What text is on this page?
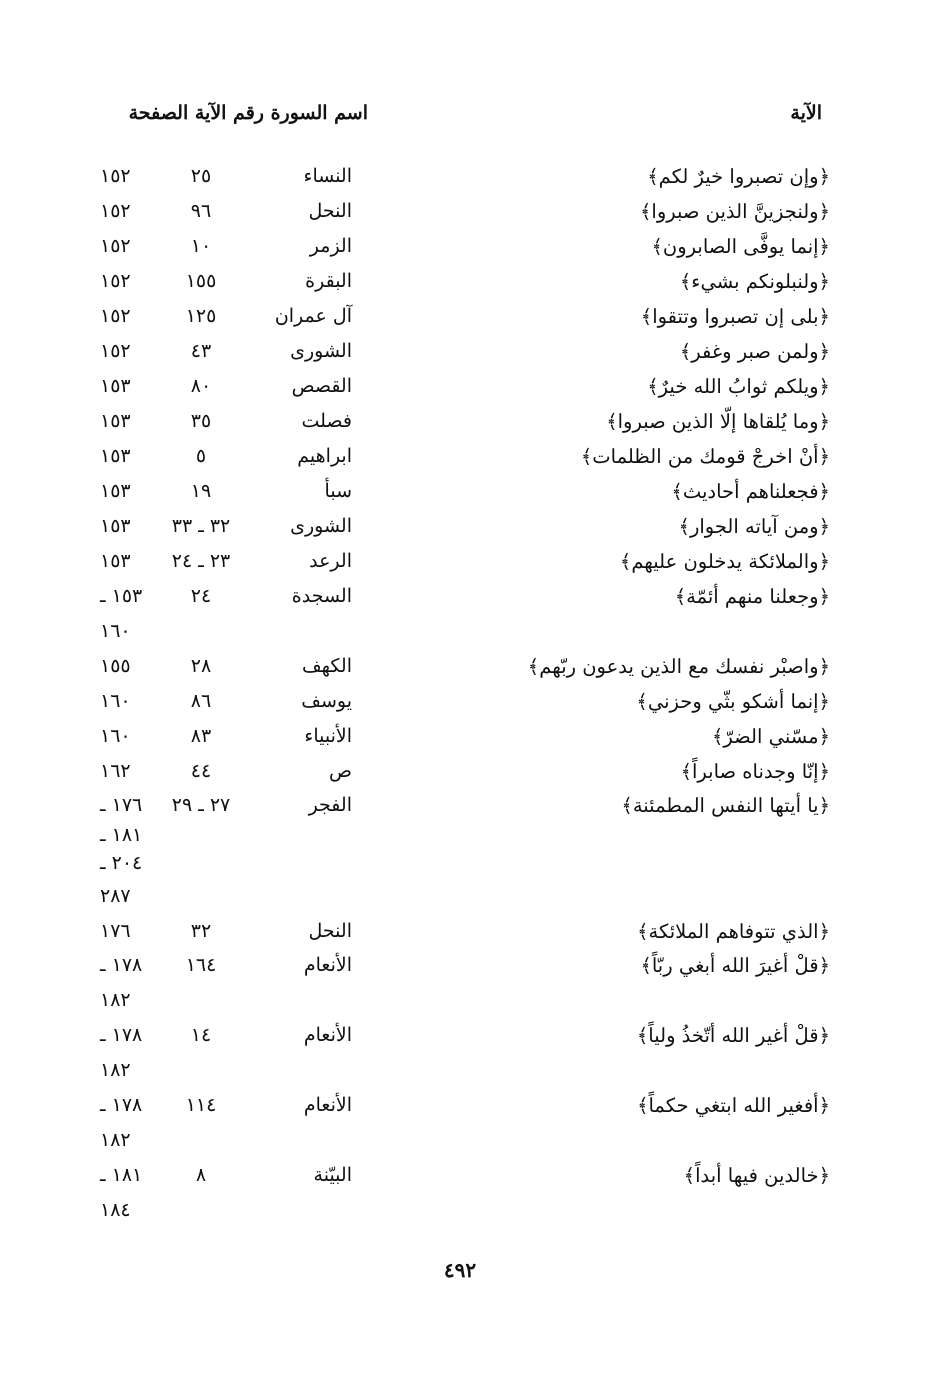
الآية
اسم السورة رقم الآية الصفحة
﴿وإن تصبروا خيرٌ لكم﴾
النساء
٢٥
١٥٢
﴿ولنجزينَّ الذين صبروا﴾
النحل
٩٦
١٥٢
﴿إنما يوفَّى الصابرون﴾
الزمر
١٠
١٥٢
﴿ولنبلونكم بشيء﴾
البقرة
١٥٥
١٥٢
﴿بلى إن تصبروا وتتقوا﴾
آل عمران
١٢٥
١٥٢
﴿ولمن صبر وغفر﴾
الشورى
٤٣
١٥٢
﴿ويلكم ثوابُ الله خيرٌ﴾
القصص
٨٠
١٥٣
﴿وما يُلقاها إلّا الذين صبروا﴾
فصلت
٣٥
١٥٣
﴿أنْ اخرجْ قومك من الظلمات﴾
ابراهيم
٥
١٥٣
﴿فجعلناهم أحاديث﴾
سبأ
١٩
١٥٣
﴿ومن آياته الجوار﴾
الشورى
٣٢ ـ ٣٣
١٥٣
﴿والملائكة يدخلون عليهم﴾
الرعد
٢٣ ـ ٢٤
١٥٣
﴿وجعلنا منهم أئمّة﴾
السجدة
٢٤
١٥٣ ـ
١٦٠
﴿واصبْر نفسك مع الذين يدعون ربّهم﴾
الكهف
٢٨
١٥٥
﴿إنما أشكو بثّي وحزني﴾
يوسف
٨٦
١٦٠
﴿مسّني الضرّ﴾
الأنبياء
٨٣
١٦٠
﴿إنّا وجدناه صابراً﴾
ص
٤٤
١٦٢
﴿يا أيتها النفس المطمئنة﴾
الفجر
٢٧ ـ ٢٩
١٧٦ ـ
١٨١ ـ
٢٠٤ ـ
٢٨٧
﴿الذي تتوفاهم الملائكة﴾
النحل
٣٢
١٧٦
﴿قلْ أغيرَ الله أبغي ربّاً﴾
الأنعام
١٦٤
١٧٨ ـ
١٨٢
﴿قلْ أغير الله أتّخذُ ولياً﴾
الأنعام
١٤
١٧٨ ـ
١٨٢
﴿أفغير الله ابتغي حكماً﴾
الأنعام
١١٤
١٧٨ ـ
١٨٢
﴿خالدين فيها أبداً﴾
البيّنة
٨
١٨١ ـ
١٨٤
٤٩٢
